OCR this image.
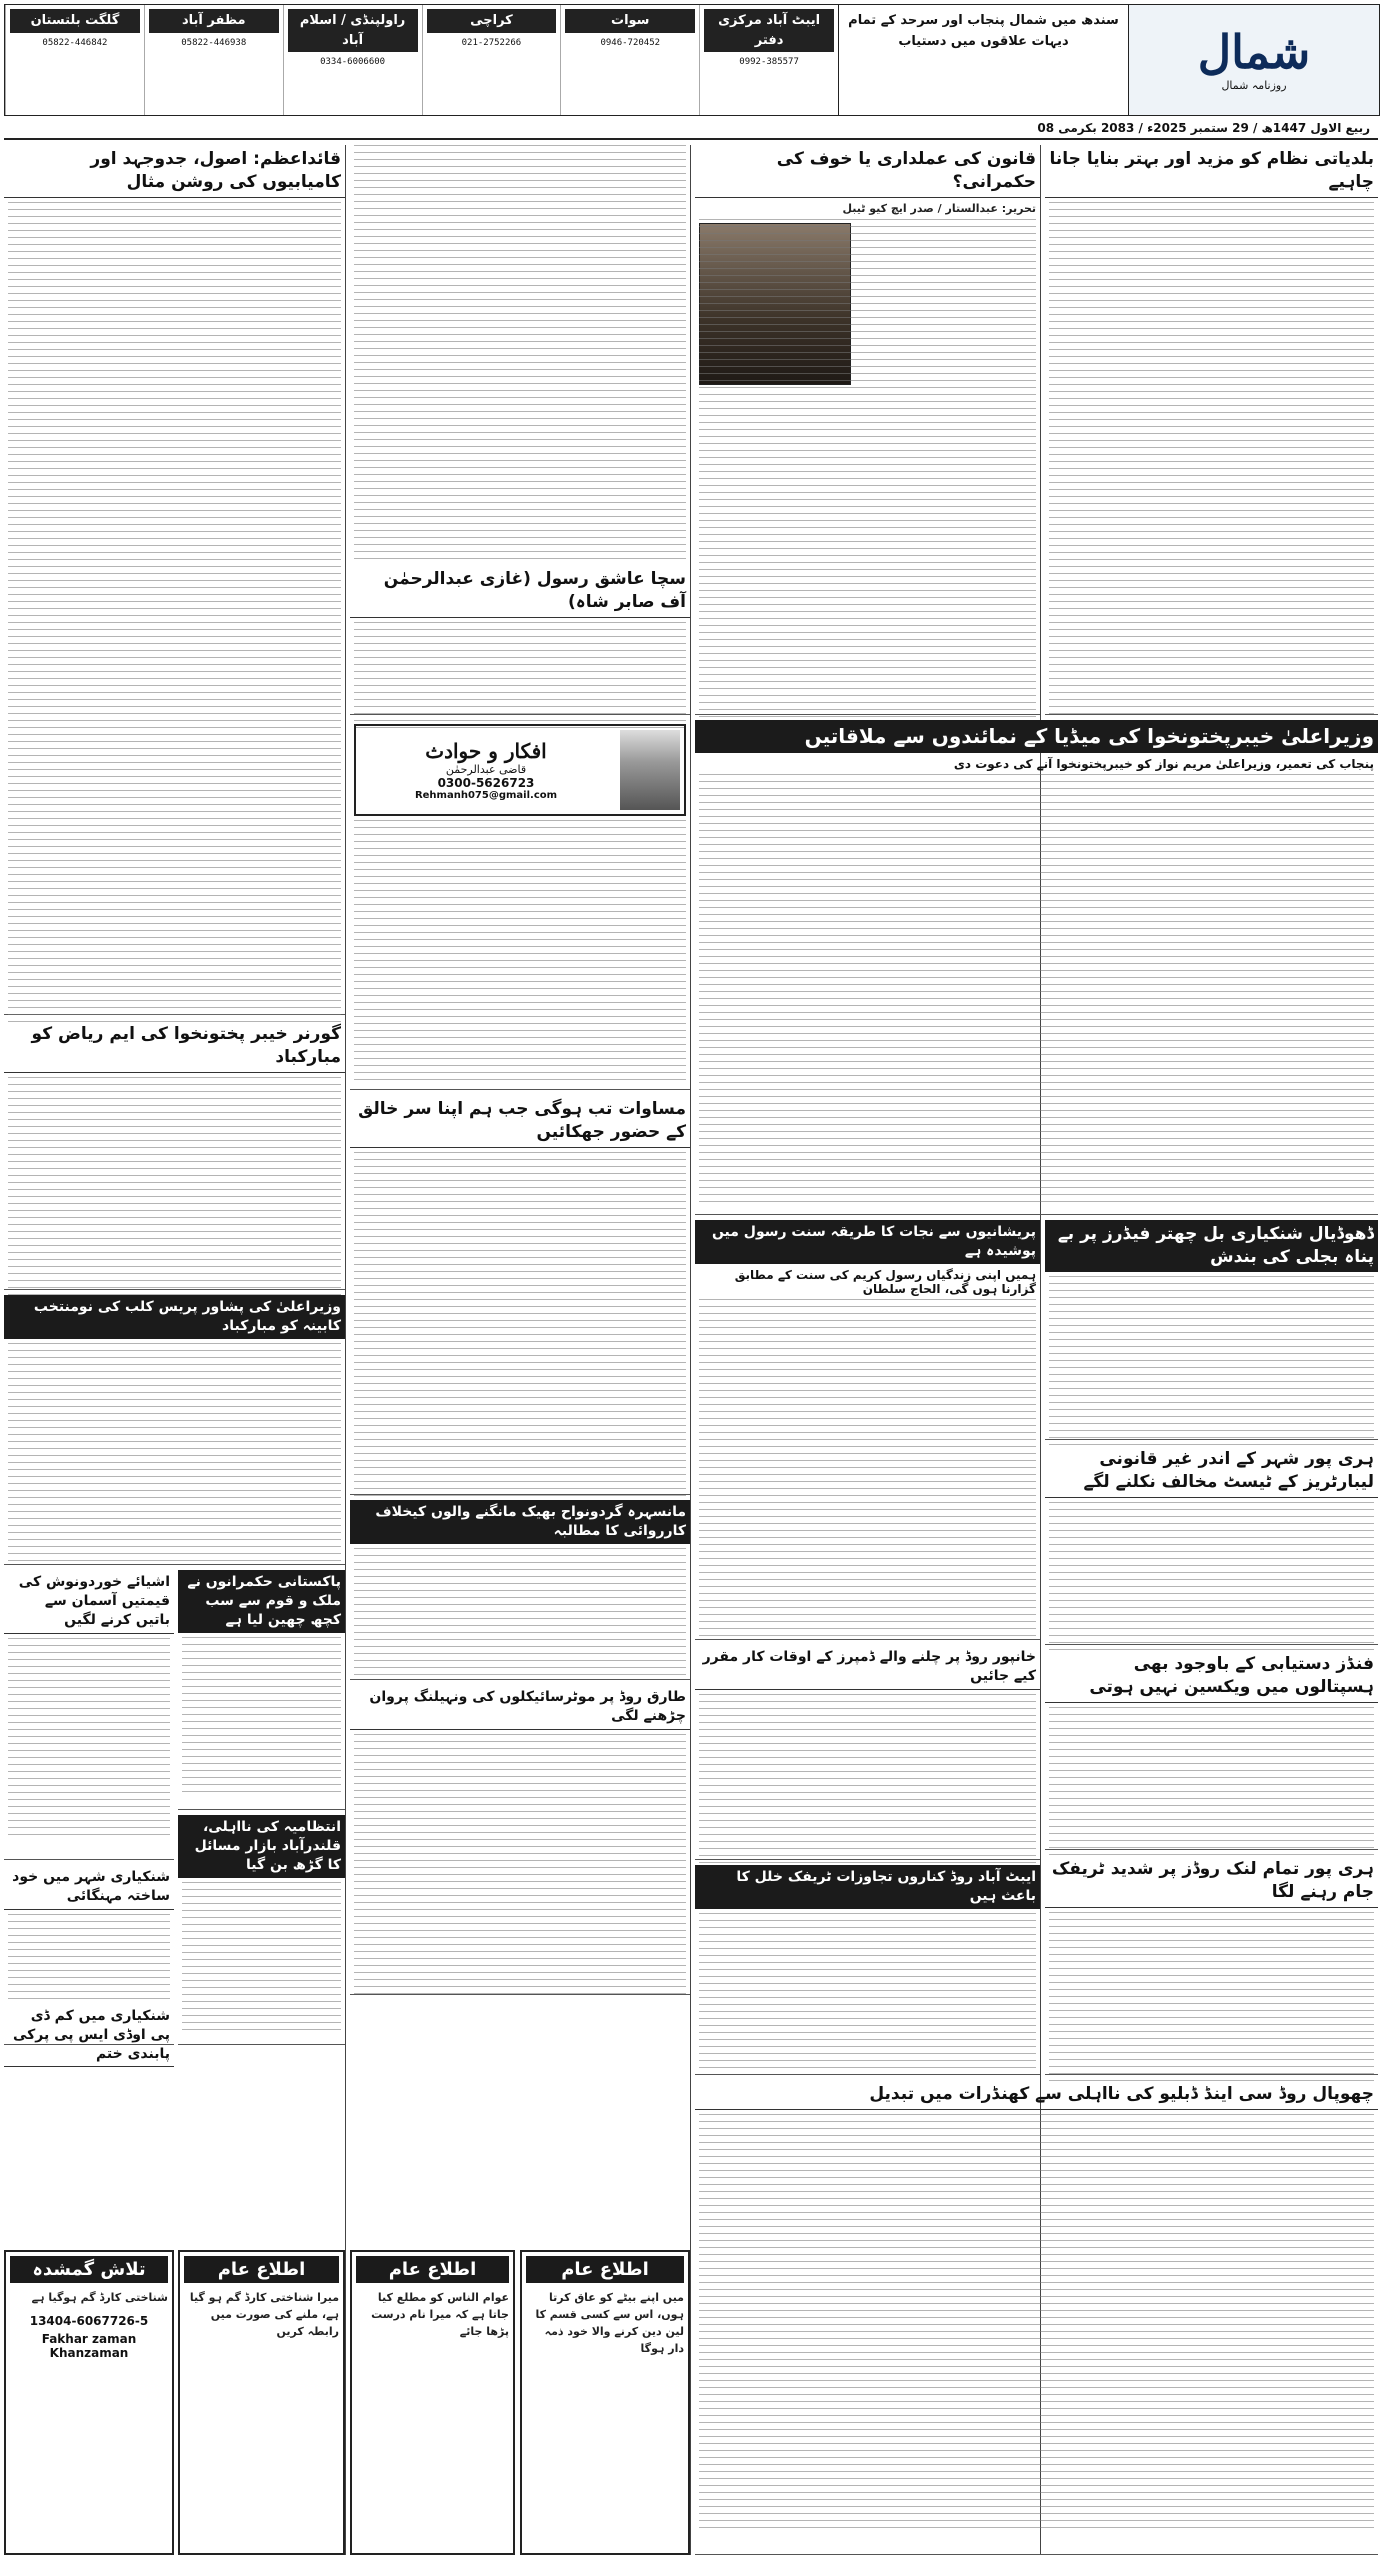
شمال
روزنامہ شمال
سندھ میں شمال پنجاب اور سرحد کے تمام دیہات علاقوں میں دستیاب
ایبٹ آباد مرکزی دفتر
0992-385577
سوات
0946-720452
کراچی
021-2752266
راولپنڈی / اسلام آباد
0334-6006600
مظفر آباد
05822-446938
گلگت بلتستان
05822-446842
08 ربیع الاول 1447ھ / 29 ستمبر 2025ء / 2083 بکرمی
بلدیاتی نظام کو مزید اور بہتر بنایا جانا چاہیے
وزیراعلیٰ خیبرپختونخوا کی میڈیا کے نمائندوں سے ملاقاتیں
پنجاب کی تعمیر، وزیراعلیٰ مریم نواز کو خیبرپختونخوا آنے کی دعوت دی
ڈھوڈیال شنکیاری بل چھتر فیڈرز پر بے پناہ بجلی کی بندش
ہری پور شہر کے اندر غیر قانونی لیبارٹریز کے ٹیسٹ مخالف نکلنے لگے
فنڈز دستیابی کے باوجود بھی ہسپتالوں میں ویکسین نہیں ہوتی
ہری پور تمام لنک روڈز پر شدید ٹریفک جام رہنے لگا
چھوپال روڈ سی اینڈ ڈبلیو کی نااہلی سے کھنڈرات میں تبدیل
قانون کی عملداری یا خوف کی حکمرانی؟
تحریر: عبدالستار / صدر ایچ کیو ٹیبل
پریشانیوں سے نجات کا طریقہ سنت رسول میں پوشیدہ ہے
ہمیں اپنی زندگیاں رسول کریم کی سنت کے مطابق گزارنا ہوں گی، الحاج سلطان
خانپور روڈ پر چلنے والے ڈمپرز کے اوقات کار مقرر کیے جائیں
ایبٹ آباد روڈ کناروں تجاوزات ٹریفک خلل کا باعث ہیں
سچا عاشق رسول (غازی عبدالرحمٰن آف صابر شاہ)
افکار و حوادث
قاضی عبدالرحمٰن
0300-5626723
Rehmanh075@gmail.com
مساوات تب ہوگی جب ہم اپنا سر خالق کے حضور جھکائیں
مانسہرہ گردونواح بھیک مانگنے والوں کیخلاف کارروائی کا مطالبہ
طارق روڈ پر موٹرسائیکلوں کی ونہیلنگ پروان چڑھنے لگی
قائداعظم: اصول، جدوجہد اور کامیابیوں کی روشن مثال
گورنر خیبر پختونخوا کی ایم ریاض کو مبارکباد
وزیراعلیٰ کی پشاور پریس کلب کی نومنتخب کابینہ کو مبارکباد
اشیائے خوردونوش کی قیمتیں آسمان سے باتیں کرنے لگیں
پاکستانی حکمرانوں نے ملک و قوم سے سب کچھ چھین لیا ہے
انتظامیہ کی نااہلی، قلندرآباد بازار مسائل کا گڑھ بن گیا
شنکیاری شہر میں خود ساختہ مہنگائی
شنکیاری میں کم ڈی پی اوڈی ایس پی پرکی پابندی ختم
اطلاع عام
میں اپنے بیٹے کو عاق کرتا ہوں، اس سے کسی قسم کا لین دین کرنے والا خود ذمہ دار ہوگا
اطلاع عام
عوام الناس کو مطلع کیا جاتا ہے کہ میرا نام درست پڑھا جائے
اطلاع عام
میرا شناختی کارڈ گم ہو گیا ہے، ملنے کی صورت میں رابطہ کریں
تلاش گمشدہ
شناختی کارڈ گم ہوگیا ہے
13404-6067726-5
Fakhar zaman Khanzaman
